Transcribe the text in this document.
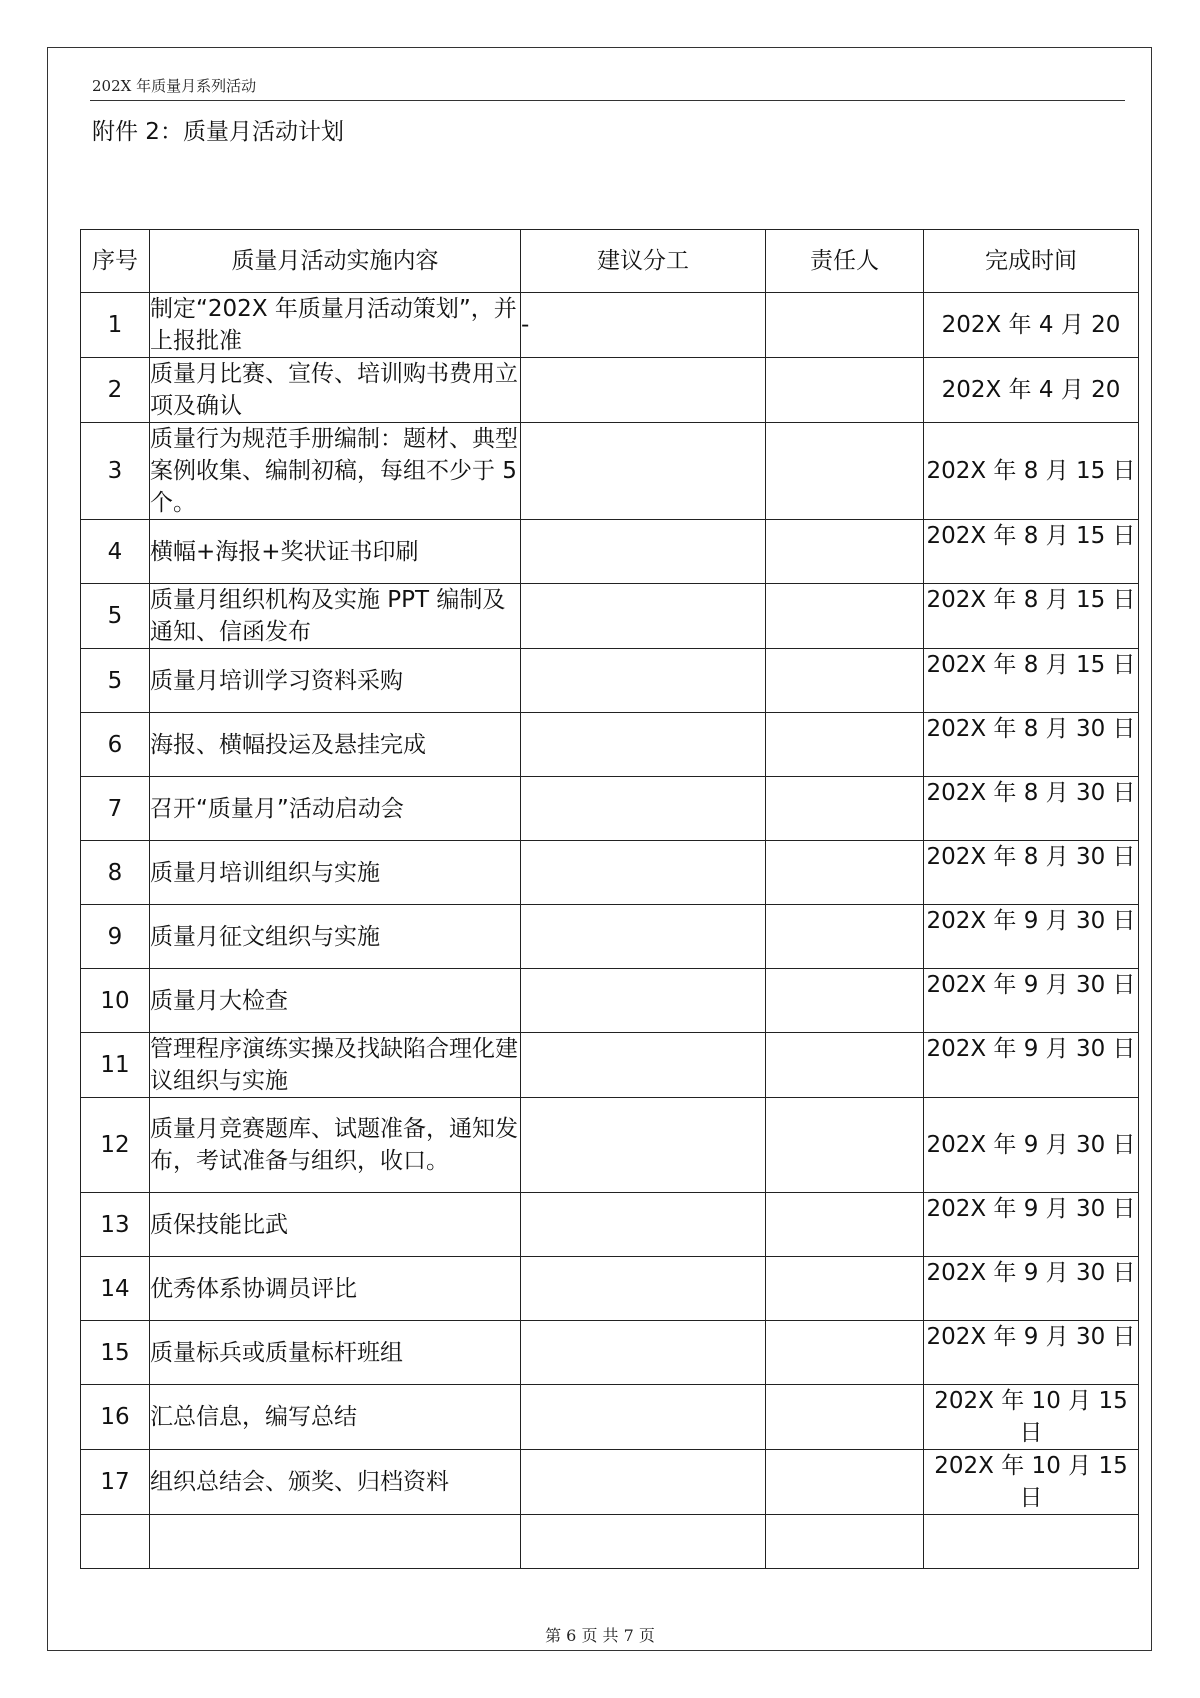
202X 年质量月系列活动
附件 2：质量月活动计划
序号	质量月活动实施内容	建议分工	责任人	完成时间
1	制定“202X 年质量月活动策划”，并上报批准	-		202X 年 4 月 20
2	质量月比赛、宣传、培训购书费用立项及确认			202X 年 4 月 20
3	质量行为规范手册编制：题材、典型案例收集、编制初稿，每组不少于 5 个。			202X 年 8 月 15 日
4	横幅+海报+奖状证书印刷			202X 年 8 月 15 日
5	质量月组织机构及实施 PPT 编制及通知、信函发布			202X 年 8 月 15 日
5	质量月培训学习资料采购			202X 年 8 月 15 日
6	海报、横幅投运及悬挂完成			202X 年 8 月 30 日
7	召开“质量月”活动启动会			202X 年 8 月 30 日
8	质量月培训组织与实施			202X 年 8 月 30 日
9	质量月征文组织与实施			202X 年 9 月 30 日
10	质量月大检查			202X 年 9 月 30 日
11	管理程序演练实操及找缺陷合理化建议组织与实施			202X 年 9 月 30 日
12	质量月竞赛题库、试题准备，通知发布，考试准备与组织，收口。			202X 年 9 月 30 日
13	质保技能比武			202X 年 9 月 30 日
14	优秀体系协调员评比			202X 年 9 月 30 日
15	质量标兵或质量标杆班组			202X 年 9 月 30 日
16	汇总信息，编写总结			202X 年 10 月 15 日
17	组织总结会、颁奖、归档资料			202X 年 10 月 15 日

第 6 页 共 7 页
